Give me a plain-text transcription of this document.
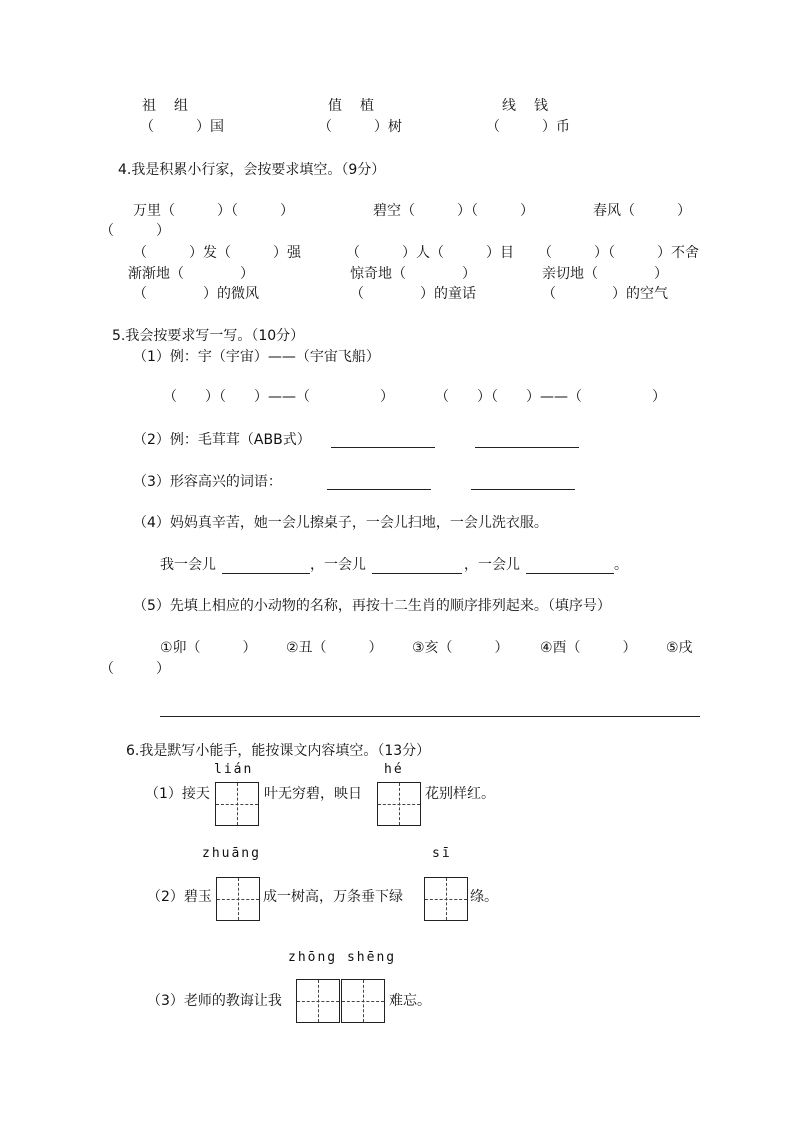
祖　组	值　植	线　钱
（　　　）国	（　　　）树	（　　　）币
4.我是积累小行家，会按要求填空。（9分）
万里（　　　）（　　　）	碧空（　　　）（　　　）	春风（　　　）
（　　　）
（　　　）发（　　　）强	（　　　）人（　　　）目 （　　　）（　　　）不舍
渐渐地（　　　　）	惊奇地（　　　　）	亲切地（　　　　）
（　　　　）的微风	（　　　　）的童话	（　　　　）的空气
5.我会按要求写一写。（10分）
（1）例：宇（宇宙）——（宇宙飞船）
（　　）（　　）——（　　　　　）	（　　）（　　）——（　　　　　）
（2）例：毛茸茸（ABB式）
（3）形容高兴的词语：
（4）妈妈真辛苦，她一会儿擦桌子，一会儿扫地，一会儿洗衣服。
我一会儿	，一会儿	，一会儿	。
（5）先填上相应的小动物的名称，再按十二生肖的顺序排列起来。（填序号）
①卯（　　　） ②丑（　　　） ③亥（　　　） ④酉（　　　） ⑤戌
（　　　）
6.我是默写小能手，能按课文内容填空。（13分）
lián	hé
（1）接天	叶无穷碧，映日	花别样红。
zhuāng	sī
（2）碧玉	成一树高，万条垂下绿	绦。
zhōng shēng
（3）老师的教诲让我	难忘。
